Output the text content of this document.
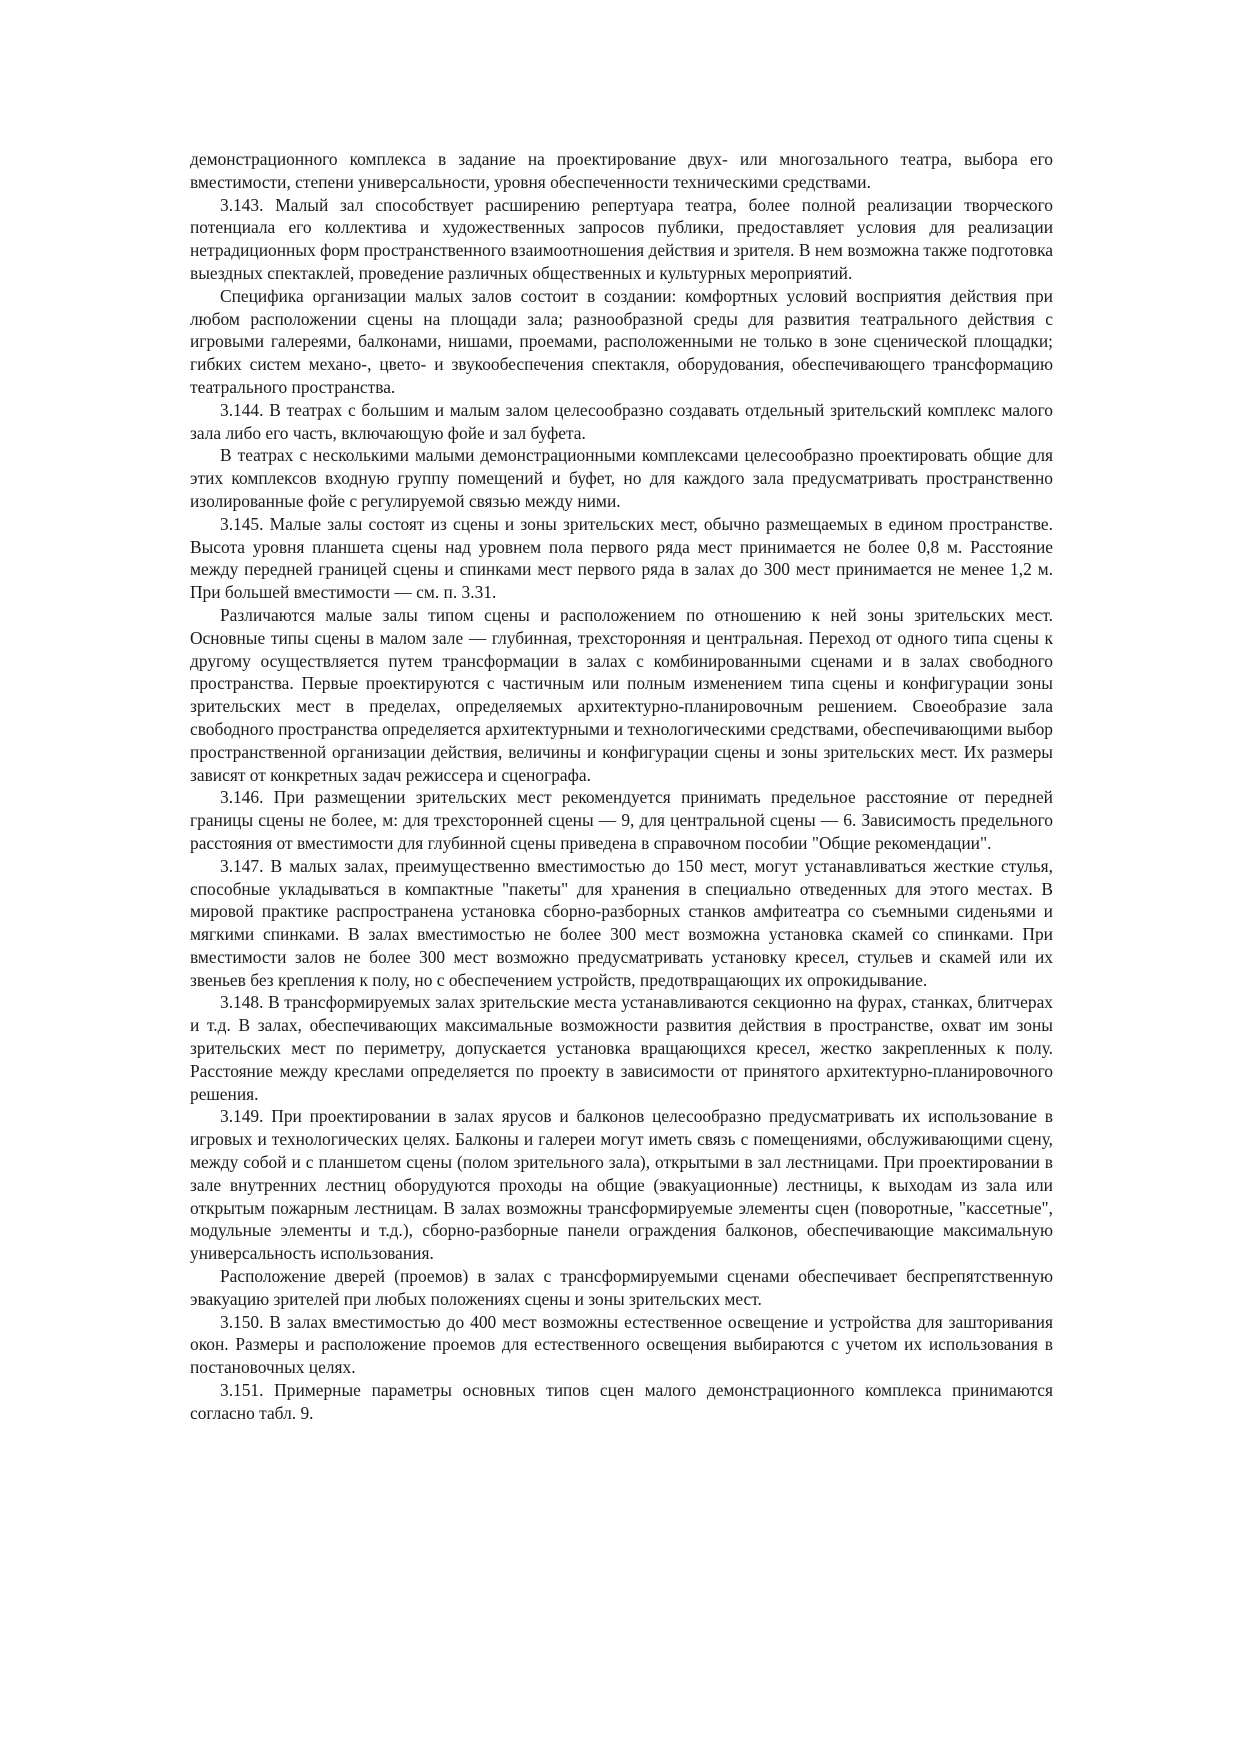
демонстрационного комплекса в задание на проектирование двух- или многозального театра, выбора его вместимости, степени универсальности, уровня обеспеченности техническими средствами.

3.143. Малый зал способствует расширению репертуара театра, более полной реализации творческого потенциала его коллектива и художественных запросов публики, предоставляет условия для реализации нетрадиционных форм пространственного взаимоотношения действия и зрителя. В нем возможна также подготовка выездных спектаклей, проведение различных общественных и культурных мероприятий.

Специфика организации малых залов состоит в создании: комфортных условий восприятия действия при любом расположении сцены на площади зала; разнообразной среды для развития театрального действия с игровыми галереями, балконами, нишами, проемами, расположенными не только в зоне сценической площадки; гибких систем механо-, цвето- и звукообеспечения спектакля, оборудования, обеспечивающего трансформацию театрального пространства.

3.144. В театрах с большим и малым залом целесообразно создавать отдельный зрительский комплекс малого зала либо его часть, включающую фойе и зал буфета.

В театрах с несколькими малыми демонстрационными комплексами целесообразно проектировать общие для этих комплексов входную группу помещений и буфет, но для каждого зала предусматривать пространственно изолированные фойе с регулируемой связью между ними.

3.145. Малые залы состоят из сцены и зоны зрительских мест, обычно размещаемых в едином пространстве. Высота уровня планшета сцены над уровнем пола первого ряда мест принимается не более 0,8 м. Расстояние между передней границей сцены и спинками мест первого ряда в залах до 300 мест принимается не менее 1,2 м. При большей вместимости — см. п. 3.31.

Различаются малые залы типом сцены и расположением по отношению к ней зоны зрительских мест. Основные типы сцены в малом зале — глубинная, трехсторонняя и центральная. Переход от одного типа сцены к другому осуществляется путем трансформации в залах с комбинированными сценами и в залах свободного пространства. Первые проектируются с частичным или полным изменением типа сцены и конфигурации зоны зрительских мест в пределах, определяемых архитектурно-планировочным решением. Своеобразие зала свободного пространства определяется архитектурными и технологическими средствами, обеспечивающими выбор пространственной организации действия, величины и конфигурации сцены и зоны зрительских мест. Их размеры зависят от конкретных задач режиссера и сценографа.

3.146. При размещении зрительских мест рекомендуется принимать предельное расстояние от передней границы сцены не более, м: для трехсторонней сцены — 9, для центральной сцены — 6. Зависимость предельного расстояния от вместимости для глубинной сцены приведена в справочном пособии "Общие рекомендации".

3.147. В малых залах, преимущественно вместимостью до 150 мест, могут устанавливаться жесткие стулья, способные укладываться в компактные "пакеты" для хранения в специально отведенных для этого местах. В мировой практике распространена установка сборно-разборных станков амфитеатра со съемными сиденьями и мягкими спинками. В залах вместимостью не более 300 мест возможна установка скамей со спинками. При вместимости залов не более 300 мест возможно предусматривать установку кресел, стульев и скамей или их звеньев без крепления к полу, но с обеспечением устройств, предотвращающих их опрокидывание.

3.148. В трансформируемых залах зрительские места устанавливаются секционно на фурах, станках, блитчерах и т.д. В залах, обеспечивающих максимальные возможности развития действия в пространстве, охват им зоны зрительских мест по периметру, допускается установка вращающихся кресел, жестко закрепленных к полу. Расстояние между креслами определяется по проекту в зависимости от принятого архитектурно-планировочного решения.

3.149. При проектировании в залах ярусов и балконов целесообразно предусматривать их использование в игровых и технологических целях. Балконы и галереи могут иметь связь с помещениями, обслуживающими сцену, между собой и с планшетом сцены (полом зрительного зала), открытыми в зал лестницами. При проектировании в зале внутренних лестниц оборудуются проходы на общие (эвакуационные) лестницы, к выходам из зала или открытым пожарным лестницам. В залах возможны трансформируемые элементы сцен (поворотные, "кассетные", модульные элементы и т.д.), сборно-разборные панели ограждения балконов, обеспечивающие максимальную универсальность использования.

Расположение дверей (проемов) в залах с трансформируемыми сценами обеспечивает беспрепятственную эвакуацию зрителей при любых положениях сцены и зоны зрительских мест.

3.150. В залах вместимостью до 400 мест возможны естественное освещение и устройства для зашторивания окон. Размеры и расположение проемов для естественного освещения выбираются с учетом их использования в постановочных целях.

3.151. Примерные параметры основных типов сцен малого демонстрационного комплекса принимаются согласно табл. 9.
